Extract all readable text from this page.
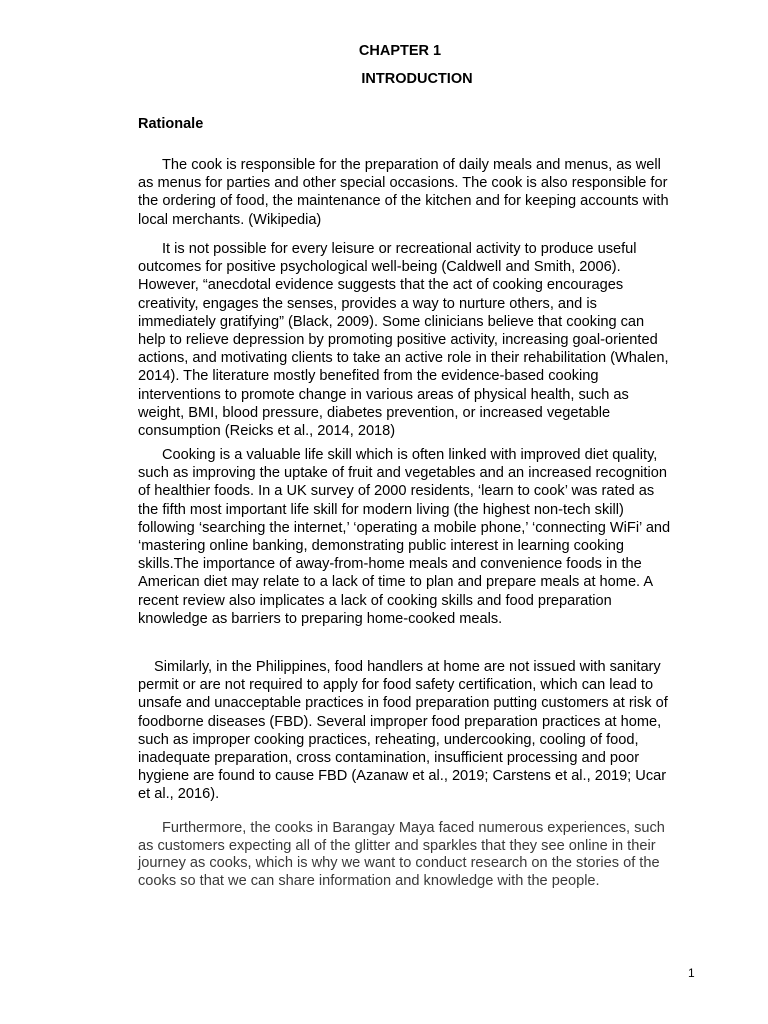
CHAPTER 1
INTRODUCTION
Rationale

The cook is responsible for the preparation of daily meals and menus, as well as menus for parties and other special occasions. The cook is also responsible for the ordering of food, the maintenance of the kitchen and for keeping accounts with local merchants. (Wikipedia)

It is not possible for every leisure or recreational activity to produce useful outcomes for positive psychological well-being (Caldwell and Smith, 2006). However, “anecdotal evidence suggests that the act of cooking encourages creativity, engages the senses, provides a way to nurture others, and is immediately gratifying” (Black, 2009). Some clinicians believe that cooking can help to relieve depression by promoting positive activity, increasing goal-oriented actions, and motivating clients to take an active role in their rehabilitation (Whalen, 2014). The literature mostly benefited from the evidence-based cooking interventions to promote change in various areas of physical health, such as weight, BMI, blood pressure, diabetes prevention, or increased vegetable consumption (Reicks et al., 2014, 2018)

Cooking is a valuable life skill which is often linked with improved diet quality, such as improving the uptake of fruit and vegetables and an increased recognition of healthier foods. In a UK survey of 2000 residents, ‘learn to cook’ was rated as the fifth most important life skill for modern living (the highest non-tech skill) following ‘searching the internet,’ ‘operating a mobile phone,’ ‘connecting WiFi’ and ‘mastering online banking, demonstrating public interest in learning cooking skills.The importance of away-from-home meals and convenience foods in the American diet may relate to a lack of time to plan and prepare meals at home. A recent review also implicates a lack of cooking skills and food preparation knowledge as barriers to preparing home-cooked meals.

Similarly, in the Philippines, food handlers at home are not issued with sanitary permit or are not required to apply for food safety certification, which can lead to unsafe and unacceptable practices in food preparation putting customers at risk of foodborne diseases (FBD). Several improper food preparation practices at home, such as improper cooking practices, reheating, undercooking, cooling of food, inadequate preparation, cross contamination, insufficient processing and poor hygiene are found to cause FBD (Azanaw et al., 2019; Carstens et al., 2019; Ucar et al., 2016).

Furthermore, the cooks in Barangay Maya faced numerous experiences, such as customers expecting all of the glitter and sparkles that they see online in their journey as cooks, which is why we want to conduct research on the stories of the cooks so that we can share information and knowledge with the people.

1
